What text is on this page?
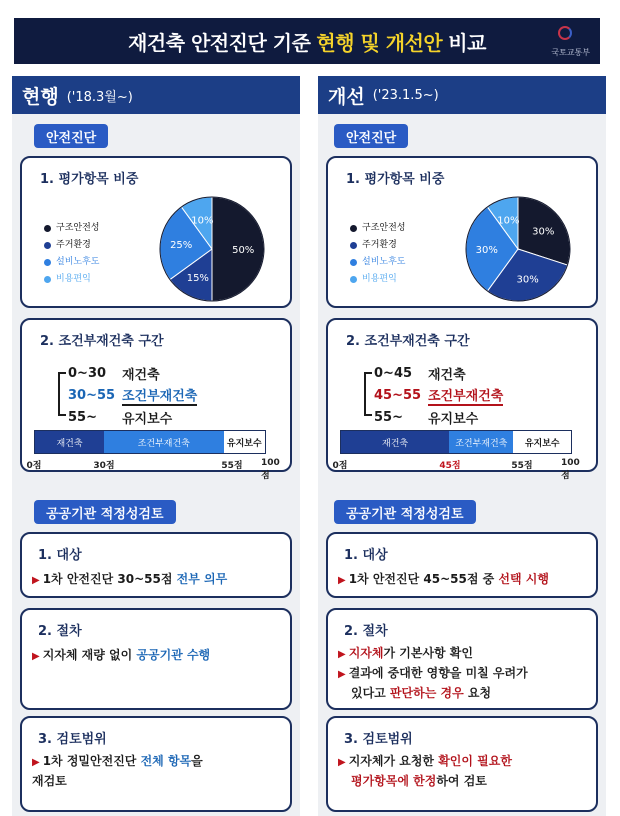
재건축 안전진단 기준 현행 및 개선안 비교	국토교통부
현행 ('18.3월~)
안전진단
1. 평가항목 비중
구조안전성
주거환경
설비노후도
비용편익
50%
15%
25%
10%
2. 조건부재건축 구간
0~30	재건축
30~55 조건부재건축
55~	유지보수
재건축	조건부재건축	유지보수
0점	30점	55점 100점
공공기관 적정성검토
1. 대상
▶ 1차 안전진단 30~55점 전부 의무
2. 절차
▶ 지자체 재량 없이 공공기관 수행
3. 검토범위
▶ 1차 정밀안전진단 전체 항목을
재검토
개선 ('23.1.5~)
안전진단
1. 평가항목 비중
구조안전성
주거환경
설비노후도
비용편익
30%
30%
30%
10%
2. 조건부재건축 구간
0~45	재건축
45~55 조건부재건축
55~	유지보수
재건축	조건부재건축	유지보수
0점	45점	55점	100점
공공기관 적정성검토
1. 대상
▶ 1차 안전진단 45~55점 중 선택 시행
2. 절차
▶ 지자체가 기본사항 확인
▶ 결과에 중대한 영향을 미칠 우려가
있다고 판단하는 경우 요청
3. 검토범위
▶ 지자체가 요청한 확인이 필요한
평가항목에 한정하여 검토
